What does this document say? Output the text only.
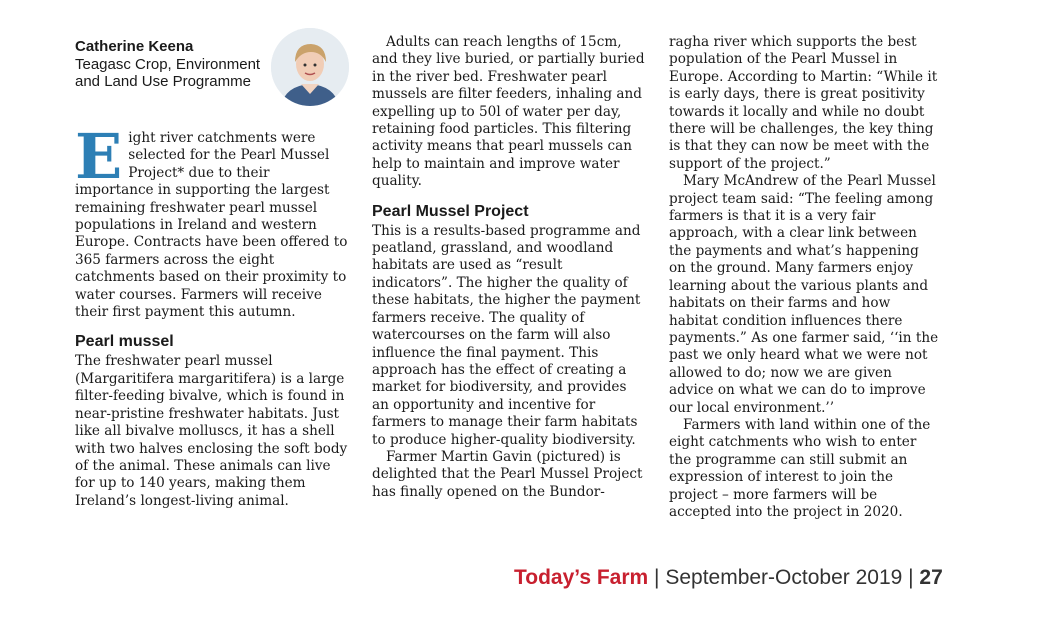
Catherine Keena
Teagasc Crop, Environment
and Land Use Programme

Eight river catchments were selected for the Pearl Mussel Project* due to their importance in supporting the largest remaining freshwater pearl mussel populations in Ireland and western Europe. Contracts have been offered to 365 farmers across the eight catchments based on their proximity to water courses. Farmers will receive their first payment this autumn.

Pearl mussel

The freshwater pearl mussel (Margaritifera margaritifera) is a large filter-feeding bivalve, which is found in near-pristine freshwater habitats. Just like all bivalve molluscs, it has a shell with two halves enclosing the soft body of the animal. These animals can live for up to 140 years, making them Ireland’s longest-living animal.

Adults can reach lengths of 15cm, and they live buried, or partially buried in the river bed. Freshwater pearl mussels are filter feeders, inhaling and expelling up to 50l of water per day, retaining food particles. This filtering activity means that pearl mussels can help to maintain and improve water quality.

Pearl Mussel Project

This is a results-based programme and peatland, grassland, and woodland habitats are used as “result indicators”. The higher the quality of these habitats, the higher the payment farmers receive. The quality of watercourses on the farm will also influence the final payment. This approach has the effect of creating a market for biodiversity, and provides an opportunity and incentive for farmers to manage their farm habitats to produce higher-quality biodiversity.

Farmer Martin Gavin (pictured) is delighted that the Pearl Mussel Project has finally opened on the Bundor-

ragha river which supports the best population of the Pearl Mussel in Europe. According to Martin: “While it is early days, there is great positivity towards it locally and while no doubt there will be challenges, the key thing is that they can now be meet with the support of the project.”

Mary McAndrew of the Pearl Mussel project team said: “The feeling among farmers is that it is a very fair approach, with a clear link between the payments and what’s happening on the ground. Many farmers enjoy learning about the various plants and habitats on their farms and how habitat condition influences there payments.” As one farmer said, ‘‘in the past we only heard what we were not allowed to do; now we are given advice on what we can do to improve our local environment.’’

Farmers with land within one of the eight catchments who wish to enter the programme can still submit an expression of interest to join the project – more farmers will be accepted into the project in 2020.

Today’s Farm | September-October 2019 | 27
